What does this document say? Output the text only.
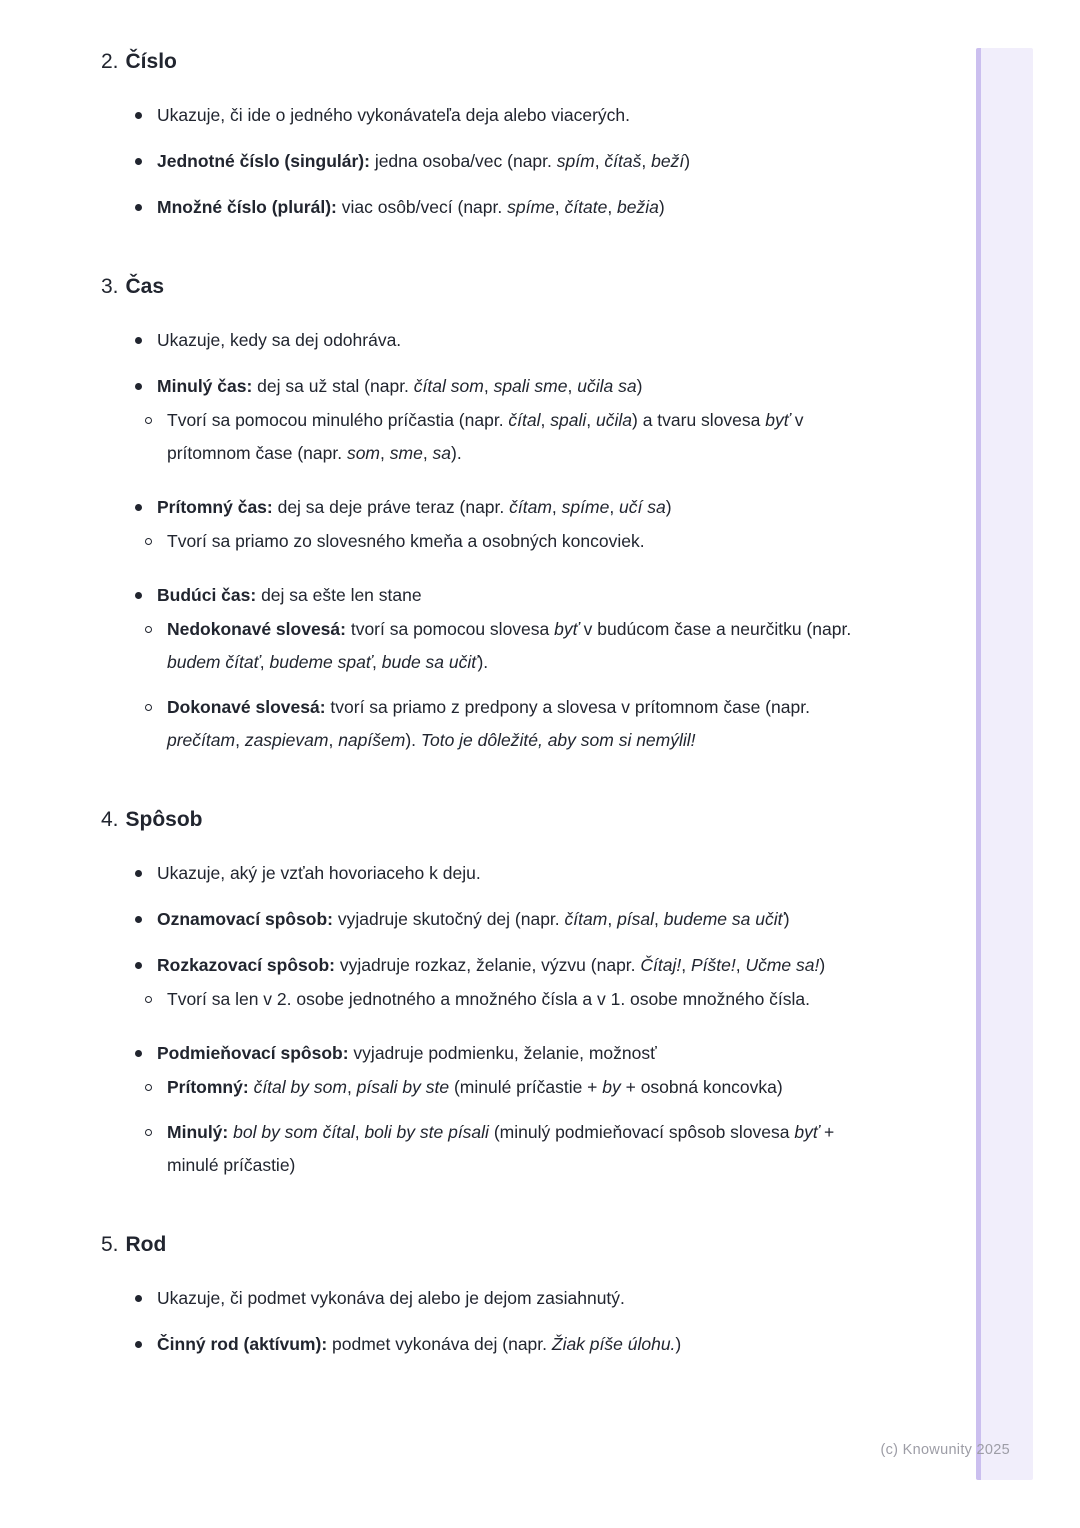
2. Číslo
Ukazuje, či ide o jedného vykonávateľa deja alebo viacerých.
Jednotné číslo (singulár): jedna osoba/vec (napr. spím, čítaš, beží)
Množné číslo (plurál): viac osôb/vecí (napr. spíme, čítate, bežia)
3. Čas
Ukazuje, kedy sa dej odohráva.
Minulý čas: dej sa už stal (napr. čítal som, spali sme, učila sa)
Tvorí sa pomocou minulého príčastia (napr. čítal, spali, učila) a tvaru slovesa byť v prítomnom čase (napr. som, sme, sa).
Prítomný čas: dej sa deje práve teraz (napr. čítam, spíme, učí sa)
Tvorí sa priamo zo slovesného kmeňa a osobných koncoviek.
Budúci čas: dej sa ešte len stane
Nedokonavé slovesá: tvorí sa pomocou slovesa byť v budúcom čase a neurčitku (napr. budem čítať, budeme spať, bude sa učiť).
Dokonavé slovesá: tvorí sa priamo z predpony a slovesa v prítomnom čase (napr. prečítam, zaspievam, napíšem). Toto je dôležité, aby som si nemýlil!
4. Spôsob
Ukazuje, aký je vzťah hovoriaceho k deju.
Oznamovací spôsob: vyjadruje skutočný dej (napr. čítam, písal, budeme sa učiť)
Rozkazovací spôsob: vyjadruje rozkaz, želanie, výzvu (napr. Čítaj!, Píšte!, Učme sa!)
Tvorí sa len v 2. osobe jednotného a množného čísla a v 1. osobe množného čísla.
Podmieňovací spôsob: vyjadruje podmienku, želanie, možnosť
Prítomný: čítal by som, písali by ste (minulé príčastie + by + osobná koncovka)
Minulý: bol by som čítal, boli by ste písali (minulý podmieňovací spôsob slovesa byť + minulé príčastie)
5. Rod
Ukazuje, či podmet vykonáva dej alebo je dejom zasiahnutý.
Činný rod (aktívum): podmet vykonáva dej (napr. Žiak píše úlohu.)
(c) Knowunity 2025
